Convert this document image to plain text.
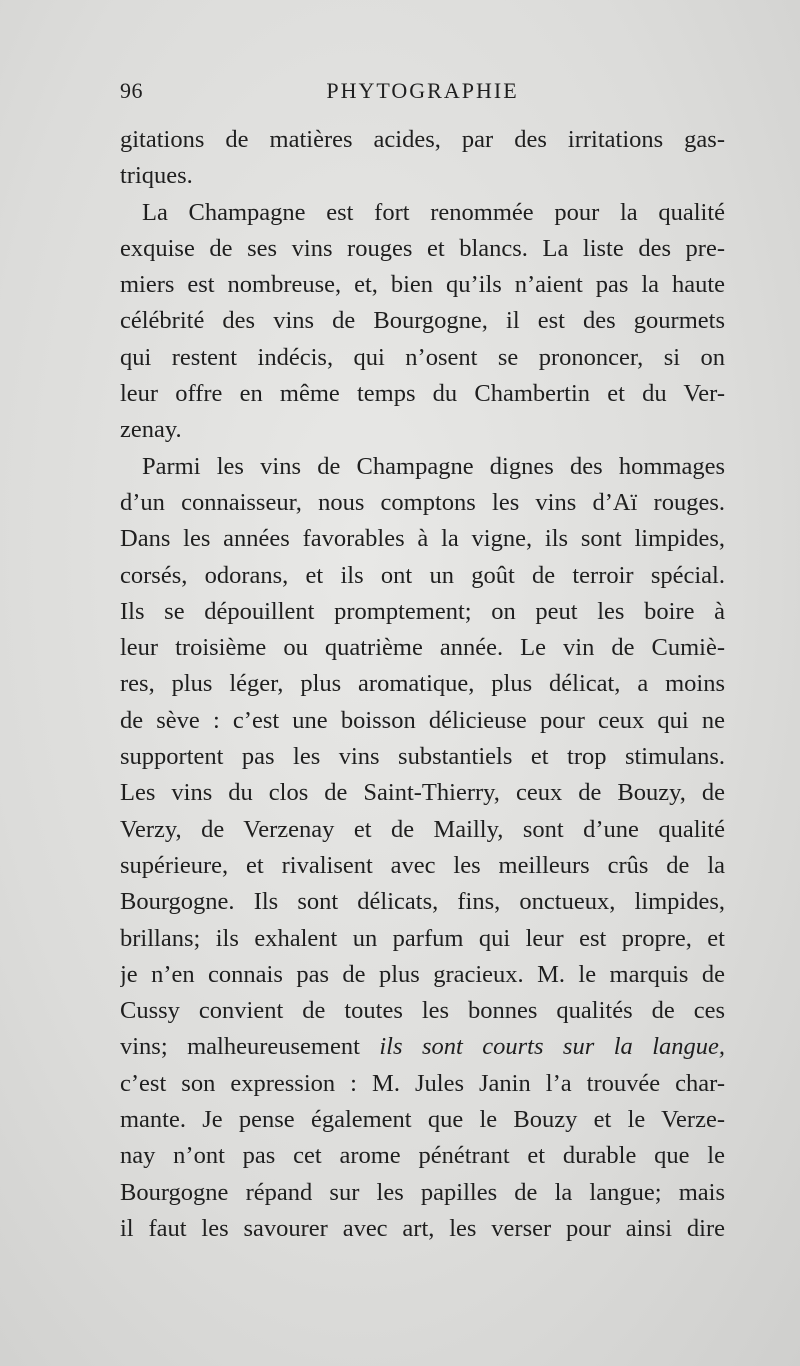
96	PHYTOGRAPHIE
gitations de matières acides, par des irritations gas-
triques.
La Champagne est fort renommée pour la qualité
exquise de ses vins rouges et blancs. La liste des pre-
miers est nombreuse, et, bien qu’ils n’aient pas la haute
célébrité des vins de Bourgogne, il est des gourmets
qui restent indécis, qui n’osent se prononcer, si on
leur offre en même temps du Chambertin et du Ver-
zenay.
Parmi les vins de Champagne dignes des hommages
d’un connaisseur, nous comptons les vins d’Aï rouges.
Dans les années favorables à la vigne, ils sont limpides,
corsés, odorans, et ils ont un goût de terroir spécial.
Ils se dépouillent promptement; on peut les boire à
leur troisième ou quatrième année. Le vin de Cumiè-
res, plus léger, plus aromatique, plus délicat, a moins
de sève : c’est une boisson délicieuse pour ceux qui ne
supportent pas les vins substantiels et trop stimulans.
Les vins du clos de Saint-Thierry, ceux de Bouzy, de
Verzy, de Verzenay et de Mailly, sont d’une qualité
supérieure, et rivalisent avec les meilleurs crûs de la
Bourgogne. Ils sont délicats, fins, onctueux, limpides,
brillans; ils exhalent un parfum qui leur est propre, et
je n’en connais pas de plus gracieux. M. le marquis de
Cussy convient de toutes les bonnes qualités de ces
vins; malheureusement ils sont courts sur la langue,
c’est son expression : M. Jules Janin l’a trouvée char-
mante. Je pense également que le Bouzy et le Verze-
nay n’ont pas cet arome pénétrant et durable que le
Bourgogne répand sur les papilles de la langue; mais
il faut les savourer avec art, les verser pour ainsi dire
